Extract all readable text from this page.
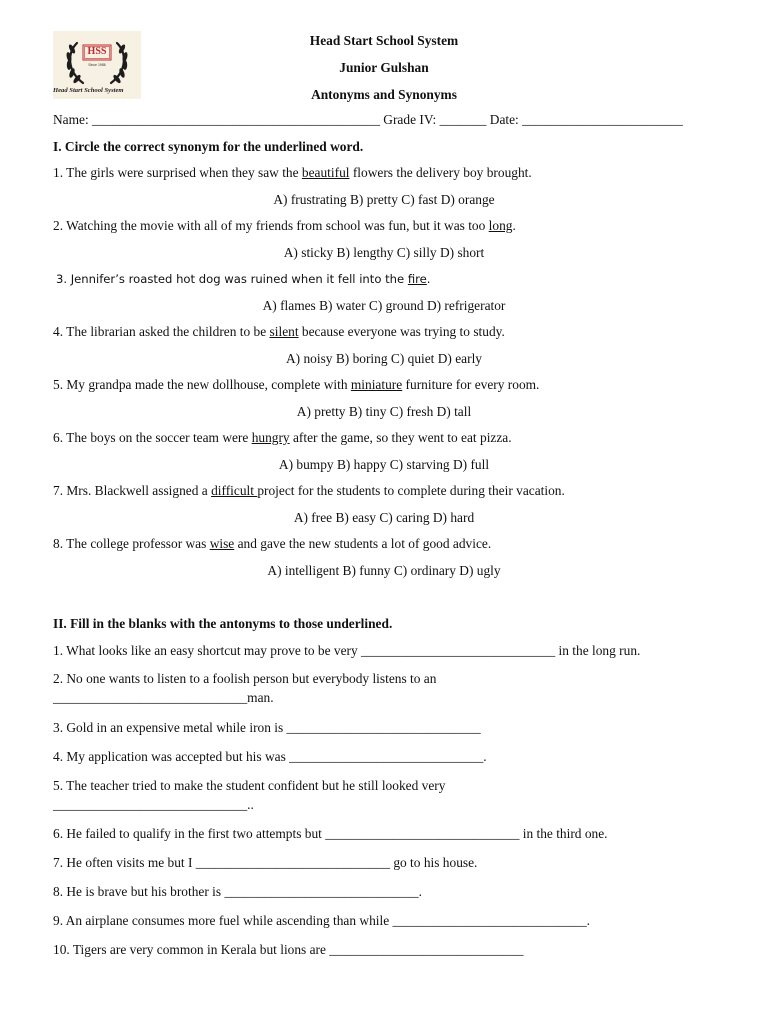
HSS
Since 1986
Head Start School System
Head Start School System
Junior Gulshan
Antonyms and Synonyms
Name: ___________________________________________ Grade IV: _______ Date: ________________________
I. Circle the correct synonym for the underlined word.
1. The girls were surprised when they saw the beautiful flowers the delivery boy brought.
A) frustrating B) pretty C) fast D) orange
2. Watching the movie with all of my friends from school was fun, but it was too long.
A) sticky B) lengthy C) silly D) short
3. Jennifer’s roasted hot dog was ruined when it fell into the fire.
A) flames B) water C) ground D) refrigerator
4. The librarian asked the children to be silent because everyone was trying to study.
A) noisy B) boring C) quiet D) early
5. My grandpa made the new dollhouse, complete with miniature furniture for every room.
A) pretty B) tiny C) fresh D) tall
6. The boys on the soccer team were hungry after the game, so they went to eat pizza.
A) bumpy B) happy C) starving D) full
7. Mrs. Blackwell assigned a difficult project for the students to complete during their vacation.
A) free B) easy C) caring D) hard
8. The college professor was wise and gave the new students a lot of good advice.
A) intelligent B) funny C) ordinary D) ugly
II. Fill in the blanks with the antonyms to those underlined.
1. What looks like an easy shortcut may prove to be very _____________________________ in the long run.
2. No one wants to listen to a foolish person but everybody listens to an
_____________________________man.
3. Gold in an expensive metal while iron is _____________________________
4. My application was accepted but his was _____________________________.
5. The teacher tried to make the student confident but he still looked very
_____________________________..
6. He failed to qualify in the first two attempts but _____________________________ in the third one.
7. He often visits me but I _____________________________ go to his house.
8. He is brave but his brother is _____________________________.
9. An airplane consumes more fuel while ascending than while _____________________________.
10. Tigers are very common in Kerala but lions are _____________________________
